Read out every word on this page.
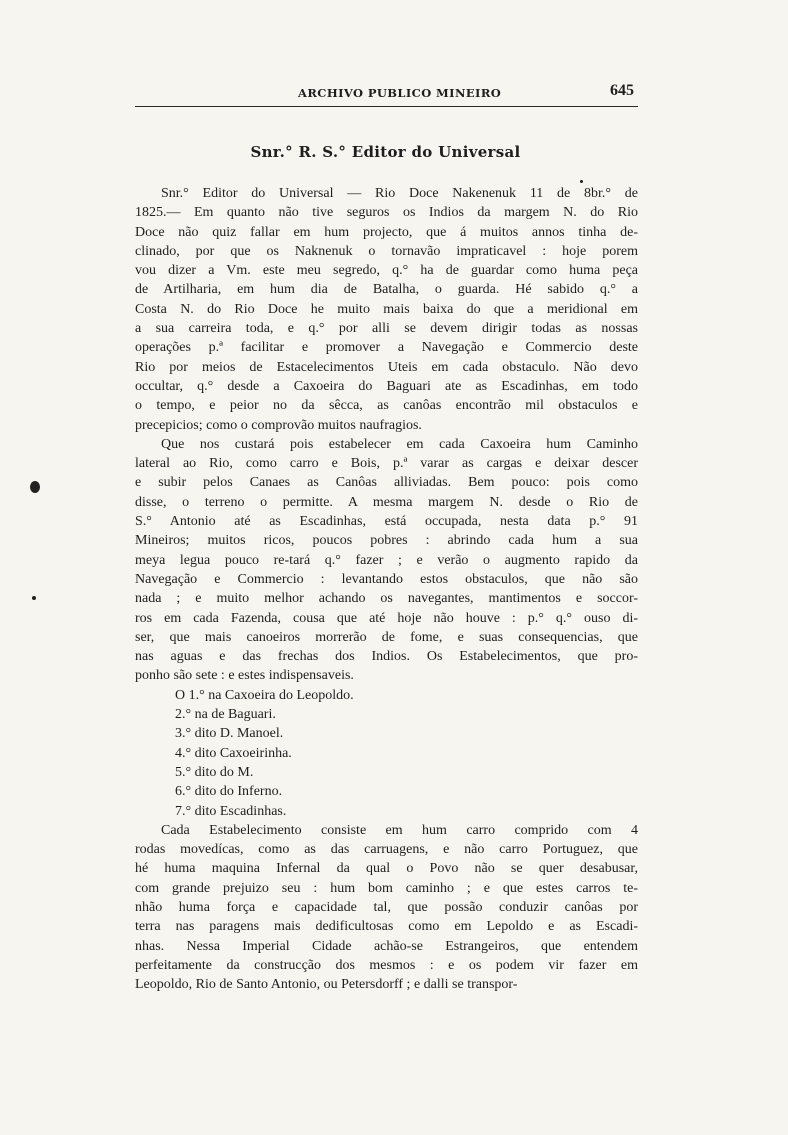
ARCHIVO PUBLICO MINEIRO	645
Snr.° R. S.° Editor do Universal

Snr.° Editor do Universal — Rio Doce Nakenenuk 11 de 8br.° de

1825.— Em quanto não tive seguros os Indios da margem N. do Rio

Doce não quiz fallar em hum projecto, que á muitos annos tinha de-

clinado, por que os Naknenuk o tornavão impraticavel : hoje porem

vou dizer a Vm. este meu segredo, q.° ha de guardar como huma peça

de Artilharia, em hum dia de Batalha, o guarda. Hé sabido q.° a

Costa N. do Rio Doce he muito mais baixa do que a meridional em

a sua carreira toda, e q.° por alli se devem dirigir todas as nossas

operações p.ª facilitar e promover a Navegação e Commercio deste

Rio por meios de Estacelecimentos Uteis em cada obstaculo. Não devo

occultar, q.° desde a Caxoeira do Baguari ate as Escadinhas, em todo

o tempo, e peior no da sêcca, as canôas encontrão mil obstaculos e

precepicios; como o comprovão muitos naufragios.

Que nos custará pois estabelecer em cada Caxoeira hum Caminho

lateral ao Rio, como carro e Bois, p.ª varar as cargas e deixar descer

e subir pelos Canaes as Canôas alliviadas. Bem pouco: pois como

disse, o terreno o permitte. A mesma margem N. desde o Rio de

S.° Antonio até as Escadinhas, está occupada, nesta data p.° 91

Mineiros; muitos ricos, poucos pobres : abrindo cada hum a sua

meya legua pouco re-tará q.° fazer ; e verão o augmento rapido da

Navegação e Commercio : levantando estos obstaculos, que não são

nada ; e muito melhor achando os navegantes, mantimentos e soccor-

ros em cada Fazenda, cousa que até hoje não houve : p.° q.° ouso di-

ser, que mais canoeiros morrerão de fome, e suas consequencias, que

nas aguas e das frechas dos Indios. Os Estabelecimentos, que pro-

ponho são sete : e estes indispensaveis.

O 1.° na Caxoeira do Leopoldo.
2.° na de Baguari.
3.° dito D. Manoel.
4.° dito Caxoeirinha.
5.° dito do M.
6.° dito do Inferno.
7.° dito Escadinhas.

Cada Estabelecimento consiste em hum carro comprido com 4

rodas movedícas, como as das carruagens, e não carro Portuguez, que

hé huma maquina Infernal da qual o Povo não se quer desabusar,

com grande prejuizo seu : hum bom caminho ; e que estes carros te-

nhão huma força e capacidade tal, que possão conduzir canôas por

terra nas paragens mais dedificultosas como em Lepoldo e as Escadi-

nhas. Nessa Imperial Cidade achão-se Estrangeiros, que entendem

perfeitamente da construcção dos mesmos : e os podem vir fazer em

Leopoldo, Rio de Santo Antonio, ou Petersdorff ; e dalli se transpor-
